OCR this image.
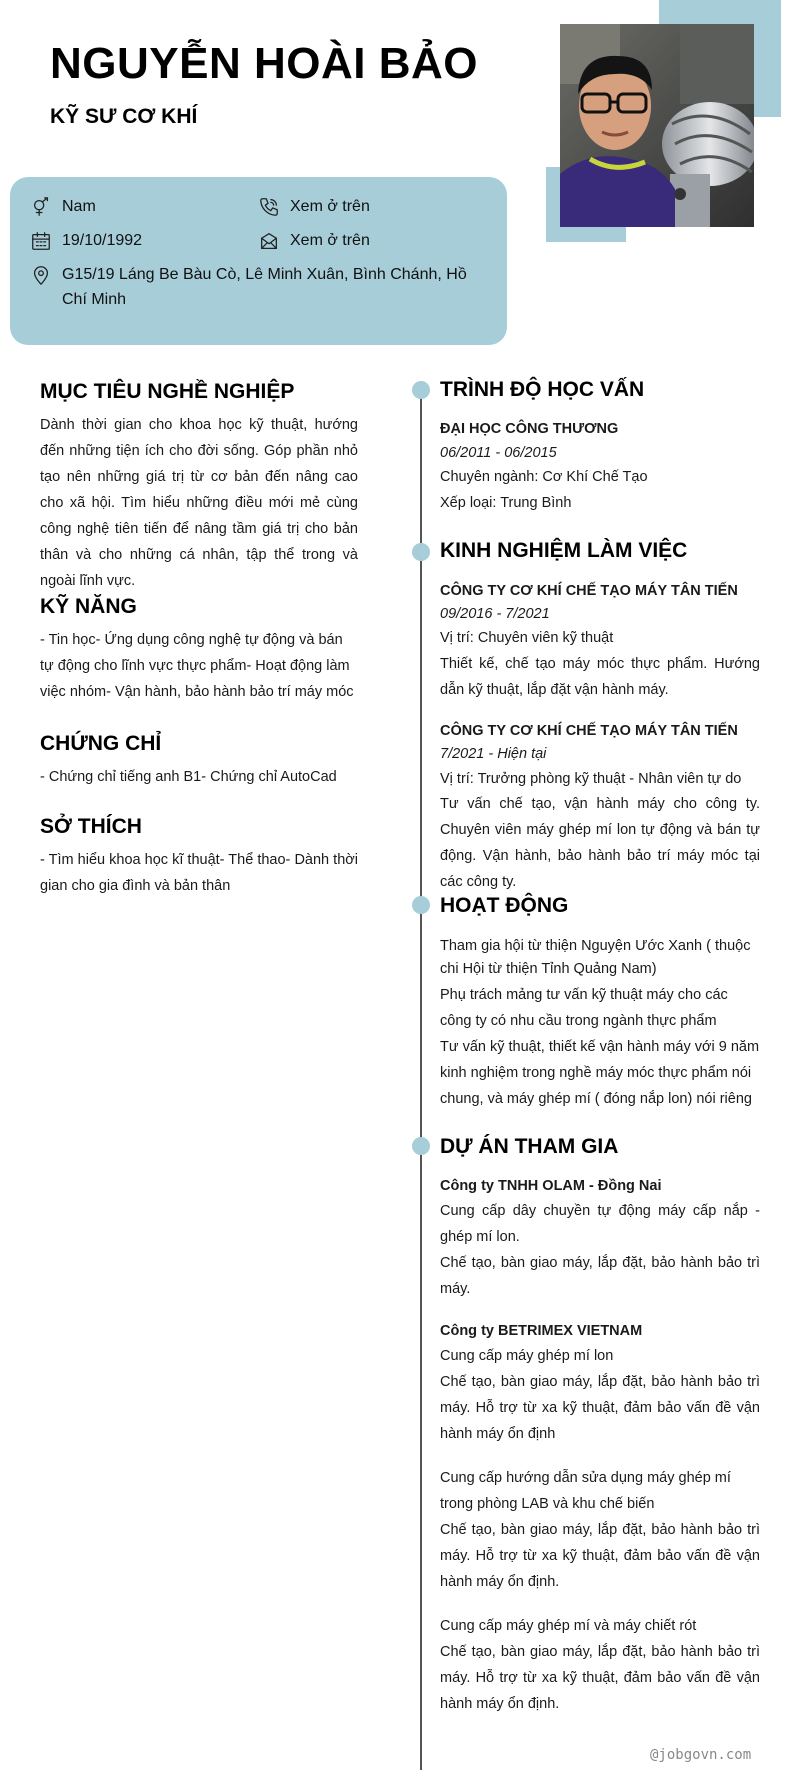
NGUYỄN HOÀI BẢO
KỸ SƯ CƠ KHÍ
Nam	Xem ở trên
19/10/1992	Xem ở trên
G15/19 Láng Be Bàu Cò, Lê Minh Xuân, Bình Chánh, Hồ Chí Minh
MỤC TIÊU NGHỀ NGHIỆP
Dành thời gian cho khoa học kỹ thuật, hướng đến những tiện ích cho đời sống. Góp phần nhỏ tạo nên những giá trị từ cơ bản đến nâng cao cho xã hội. Tìm hiểu những điều mới mẻ cùng công nghệ tiên tiến để nâng tầm giá trị cho bản thân và cho những cá nhân, tập thể trong và ngoài lĩnh vực.
KỸ NĂNG
- Tin học- Ứng dụng công nghệ tự động và bán tự động cho lĩnh vực thực phẩm- Hoạt động làm việc nhóm- Vận hành, bảo hành bảo trí máy móc
CHỨNG CHỈ
- Chứng chỉ tiếng anh B1- Chứng chỉ AutoCad
SỞ THÍCH
- Tìm hiểu khoa học kĩ thuật- Thể thao- Dành thời gian cho gia đình và bản thân
TRÌNH ĐỘ HỌC VẤN
ĐẠI HỌC CÔNG THƯƠNG
06/2011 - 06/2015
Chuyên ngành: Cơ Khí Chế Tạo
Xếp loại: Trung Bình
KINH NGHIỆM LÀM VIỆC
CÔNG TY CƠ KHÍ CHẾ TẠO MÁY TÂN TIẾN
09/2016 - 7/2021
Vị trí: Chuyên viên kỹ thuật
Thiết kế, chế tạo máy móc thực phẩm. Hướng dẫn kỹ thuật, lắp đặt vận hành máy.
CÔNG TY CƠ KHÍ CHẾ TẠO MÁY TÂN TIẾN
7/2021 - Hiện tại
Vị trí: Trưởng phòng kỹ thuật - Nhân viên tự do
Tư vấn chế tạo, vận hành máy cho công ty. Chuyên viên máy ghép mí lon tự động và bán tự động. Vận hành, bảo hành bảo trí máy móc tại các công ty.
HOẠT ĐỘNG
Tham gia hội từ thiện Nguyện Ước Xanh ( thuộc chi Hội từ thiện Tỉnh Quảng Nam)
Phụ trách mảng tư vấn kỹ thuật máy cho các công ty có nhu cầu trong ngành thực phẩm
Tư vấn kỹ thuật, thiết kế vận hành máy với 9 năm kinh nghiệm trong nghề máy móc thực phẩm nói chung, và máy ghép mí ( đóng nắp lon) nói riêng
DỰ ÁN THAM GIA
Công ty TNHH OLAM - Đồng Nai
Cung cấp dây chuyền tự động máy cấp nắp - ghép mí lon.
Chế tạo, bàn giao máy, lắp đặt, bảo hành bảo trì máy.
Công ty BETRIMEX VIETNAM
Cung cấp máy ghép mí lon
Chế tạo, bàn giao máy, lắp đặt, bảo hành bảo trì máy. Hỗ trợ từ xa kỹ thuật, đảm bảo vấn đề vận hành máy ổn định
Cung cấp hướng dẫn sửa dụng máy ghép mí trong phòng LAB và khu chế biến
Chế tạo, bàn giao máy, lắp đặt, bảo hành bảo trì máy. Hỗ trợ từ xa kỹ thuật, đảm bảo vấn đề vận hành máy ổn định.
Cung cấp máy ghép mí và máy chiết rót
Chế tạo, bàn giao máy, lắp đặt, bảo hành bảo trì máy. Hỗ trợ từ xa kỹ thuật, đảm bảo vấn đề vận hành máy ổn định.
@jobgovn.com
